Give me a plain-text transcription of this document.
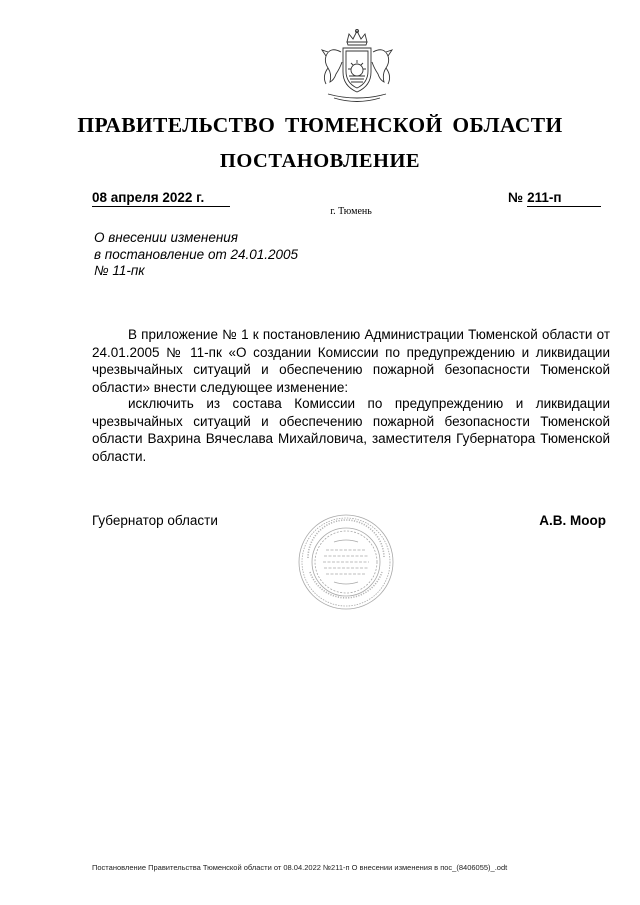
ПРАВИТЕЛЬСТВО ТЮМЕНСКОЙ ОБЛАСТИ
ПОСТАНОВЛЕНИЕ
08 апреля 2022 г.	№ 211-п
г. Тюмень
О внесении изменения
в постановление от 24.01.2005
№ 11-пк

В приложение № 1 к постановлению Администрации Тюменской области от 24.01.2005 № 11-пк «О создании Комиссии по предупреждению и ликвидации чрезвычайных ситуаций и обеспечению пожарной безопасности Тюменской области» внести следующее изменение:

исключить из состава Комиссии по предупреждению и ликвидации чрезвычайных ситуаций и обеспечению пожарной безопасности Тюменской области Вахрина Вячеслава Михайловича, заместителя Губернатора Тюменской области.

Губернатор области	А.В. Моор
Постановление Правительства Тюменской области от 08.04.2022 №211-п О внесении изменения в пос_(8406055)_.odt
